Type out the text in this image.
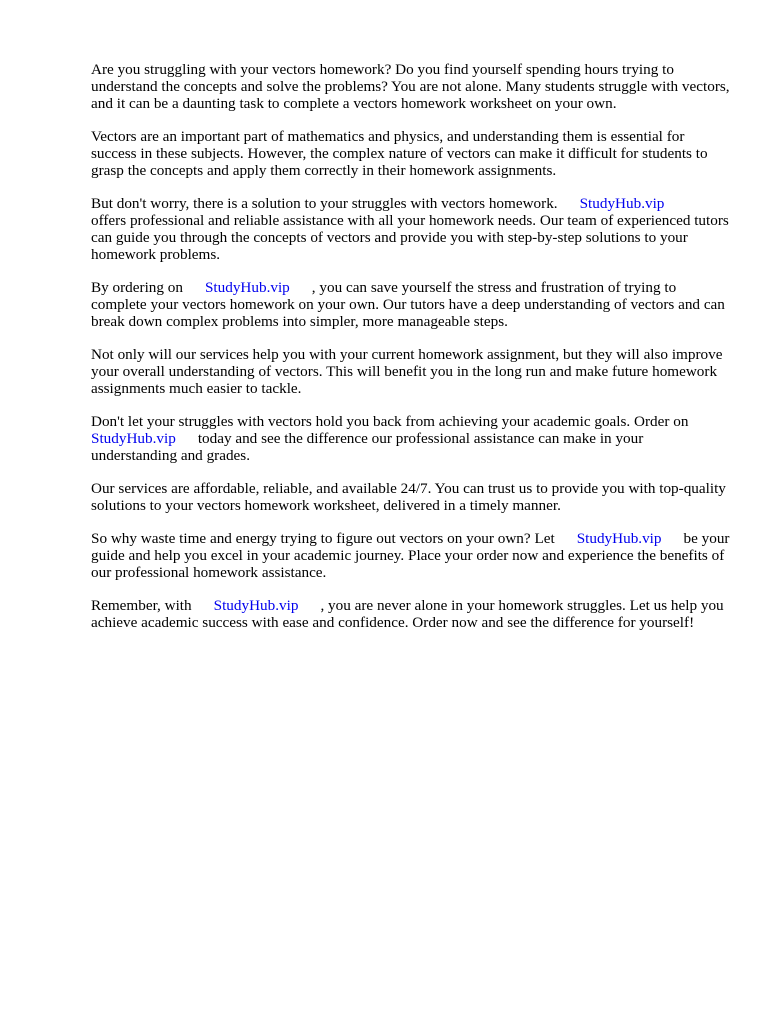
Are you struggling with your vectors homework? Do you find yourself spending hours trying to understand the concepts and solve the problems? You are not alone. Many students struggle with vectors, and it can be a daunting task to complete a vectors homework worksheet on your own.

Vectors are an important part of mathematics and physics, and understanding them is essential for success in these subjects. However, the complex nature of vectors can make it difficult for students to grasp the concepts and apply them correctly in their homework assignments.

But don't worry, there is a solution to your struggles with vectors homework. StudyHub.vip
offers professional and reliable assistance with all your homework needs. Our team of experienced tutors can guide you through the concepts of vectors and provide you with step-by-step solutions to your homework problems.

By ordering on StudyHub.vip , you can save yourself the stress and frustration of trying to complete your vectors homework on your own. Our tutors have a deep understanding of vectors and can break down complex problems into simpler, more manageable steps.

Not only will our services help you with your current homework assignment, but they will also improve your overall understanding of vectors. This will benefit you in the long run and make future homework assignments much easier to tackle.

Don't let your struggles with vectors hold you back from achieving your academic goals. Order on
StudyHub.vip today and see the difference our professional assistance can make in your understanding and grades.

Our services are affordable, reliable, and available 24/7. You can trust us to provide you with top-quality solutions to your vectors homework worksheet, delivered in a timely manner.

So why waste time and energy trying to figure out vectors on your own? Let StudyHub.vip be your guide and help you excel in your academic journey. Place your order now and experience the benefits of our professional homework assistance.

Remember, with StudyHub.vip , you are never alone in your homework struggles. Let us help you achieve academic success with ease and confidence. Order now and see the difference for yourself!
